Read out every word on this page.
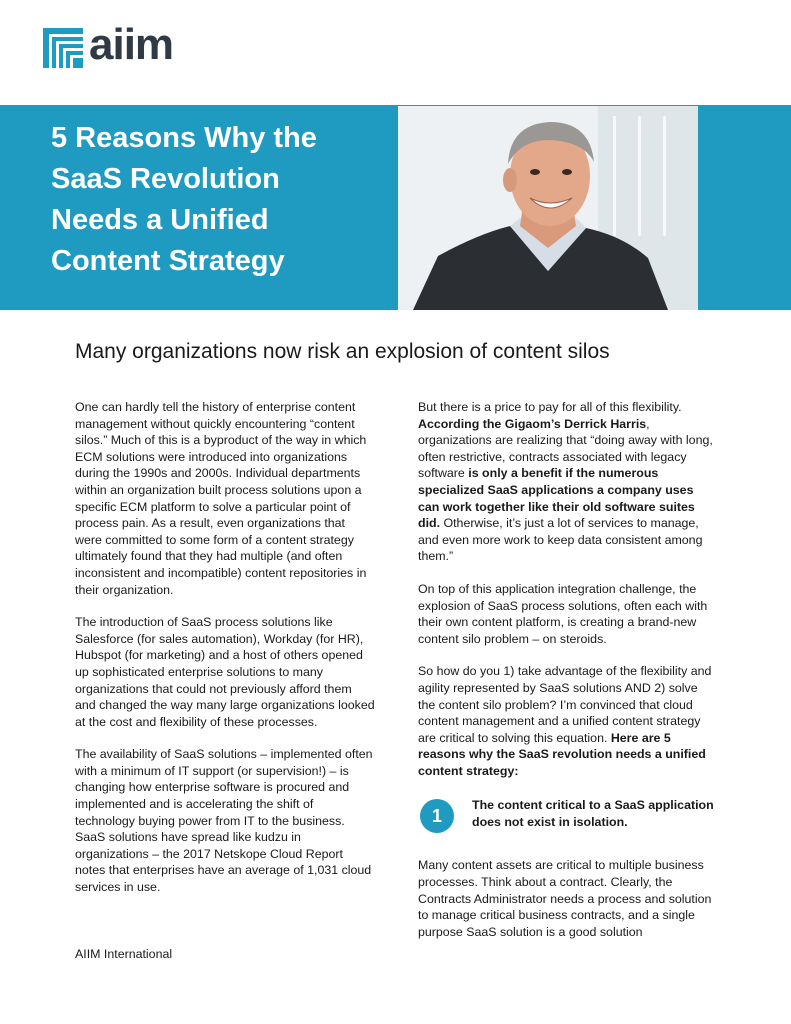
aiim
5 Reasons Why the
SaaS Revolution
Needs a Unified
Content Strategy
Many organizations now risk an explosion of content silos

One can hardly tell the history of enterprise content management without quickly encountering “content silos.” Much of this is a byproduct of the way in which ECM solutions were introduced into organizations during the 1990s and 2000s. Individual departments within an organization built process solutions upon a specific ECM platform to solve a particular point of process pain. As a result, even organizations that were committed to some form of a content strategy ultimately found that they had multiple (and often inconsistent and incompatible) content repositories in their organization.

The introduction of SaaS process solutions like Salesforce (for sales automation), Workday (for HR), Hubspot (for marketing) and a host of others opened up sophisticated enterprise solutions to many organizations that could not previously afford them and changed the way many large organizations looked at the cost and flexibility of these processes.

The availability of SaaS solutions – implemented often with a minimum of IT support (or supervision!) – is changing how enterprise software is procured and implemented and is accelerating the shift of technology buying power from IT to the business. SaaS solutions have spread like kudzu in organizations – the 2017 Netskope Cloud Report notes that enterprises have an average of 1,031 cloud services in use.

But there is a price to pay for all of this flexibility. According the Gigaom’s Derrick Harris, organizations are realizing that “doing away with long, often restrictive, contracts associated with legacy software is only a benefit if the numerous specialized SaaS applications a company uses can work together like their old software suites did. Otherwise, it’s just a lot of services to manage, and even more work to keep data consistent among them.”

On top of this application integration challenge, the explosion of SaaS process solutions, often each with their own content platform, is creating a brand-new content silo problem – on steroids.

So how do you 1) take advantage of the flexibility and agility represented by SaaS solutions AND 2) solve the content silo problem? I’m convinced that cloud content management and a unified content strategy are critical to solving this equation. Here are 5 reasons why the SaaS revolution needs a unified content strategy:

1
The content critical to a SaaS application does not exist in isolation.

Many content assets are critical to multiple business processes. Think about a contract. Clearly, the Contracts Administrator needs a process and solution to manage critical business contracts, and a single purpose SaaS solution is a good solution

AIIM International
